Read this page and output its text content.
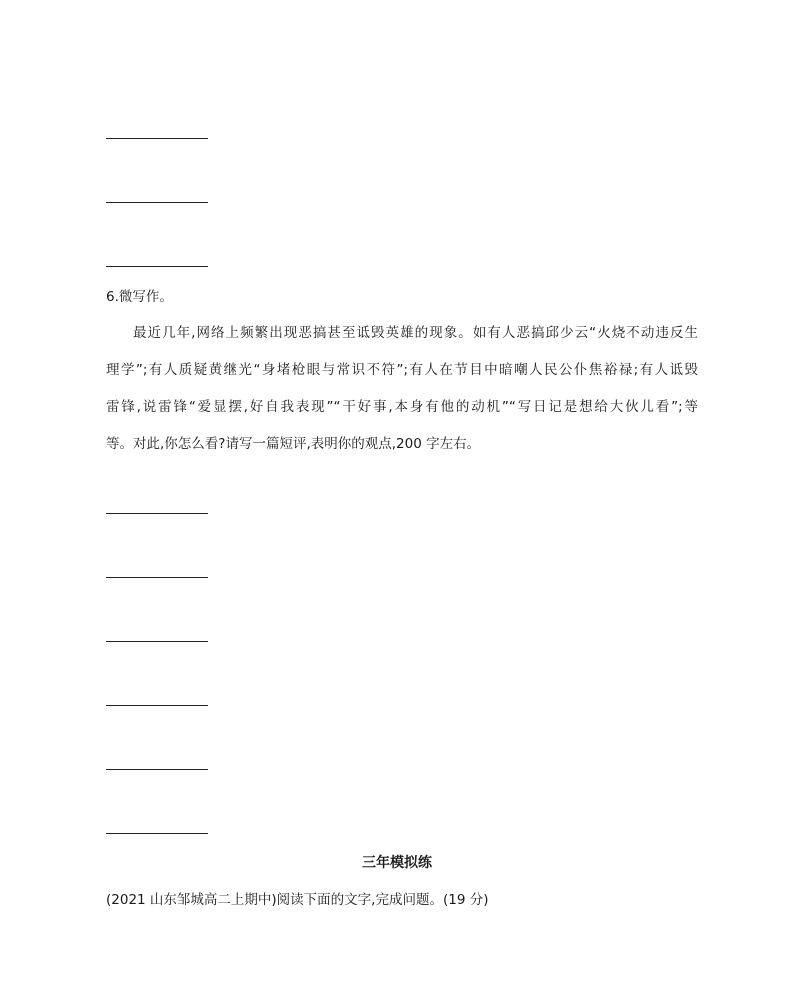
6.微写作。
最近几年,网络上频繁出现恶搞甚至诋毁英雄的现象。如有人恶搞邱少云“火烧不动违反生
理学”;有人质疑黄继光“身堵枪眼与常识不符”;有人在节目中暗嘲人民公仆焦裕禄;有人诋毁
雷锋,说雷锋“爱显摆,好自我表现”“干好事,本身有他的动机”“写日记是想给大伙儿看”;等
等。对此,你怎么看?请写一篇短评,表明你的观点,200 字左右。
三年模拟练
(2021 山东邹城高二上期中)阅读下面的文字,完成问题。(19 分)
